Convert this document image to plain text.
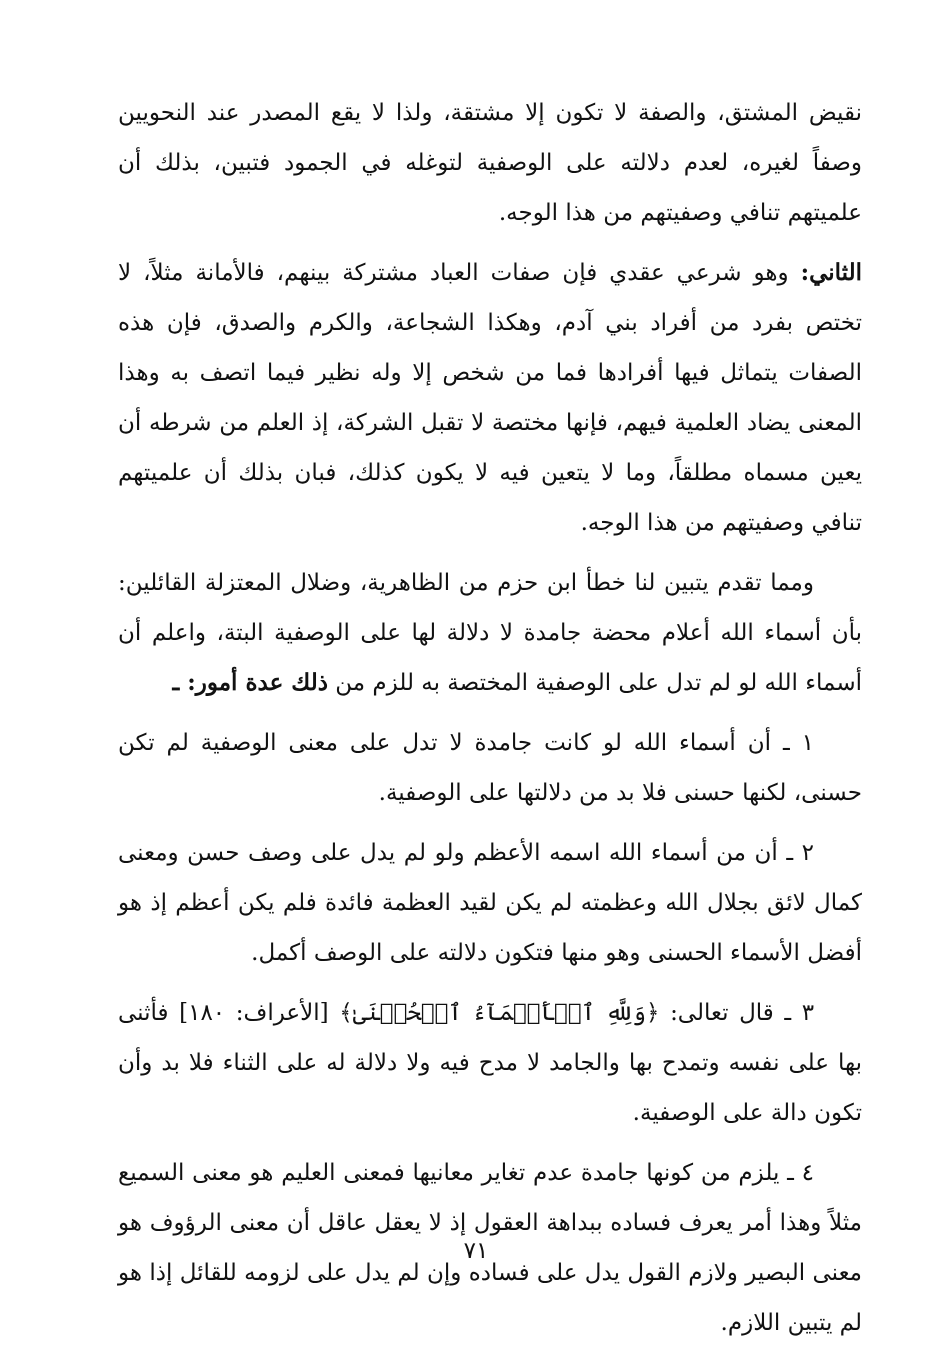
نقيض المشتق، والصفة لا تكون إلا مشتقة، ولذا لا يقع المصدر عند النحويين وصفاً لغيره، لعدم دلالته على الوصفية لتوغله في الجمود فتبين، بذلك أن علميتهم تنافي وصفيتهم من هذا الوجه.

الثاني: وهو شرعي عقدي فإن صفات العباد مشتركة بينهم، فالأمانة مثلاً، لا تختص بفرد من أفراد بني آدم، وهكذا الشجاعة، والكرم والصدق، فإن هذه الصفات يتماثل فيها أفرادها فما من شخص إلا وله نظير فيما اتصف به وهذا المعنى يضاد العلمية فيهم، فإنها مختصة لا تقبل الشركة، إذ العلم من شرطه أن يعين مسماه مطلقاً، وما لا يتعين فيه لا يكون كذلك، فبان بذلك أن علميتهم تنافي وصفيتهم من هذا الوجه.

ومما تقدم يتبين لنا خطأ ابن حزم من الظاهرية، وضلال المعتزلة القائلين: بأن أسماء الله أعلام محضة جامدة لا دلالة لها على الوصفية البتة، واعلم أن أسماء الله لو لم تدل على الوصفية المختصة به للزم من ذلك عدة أمور: ـ

١ ـ أن أسماء الله لو كانت جامدة لا تدل على معنى الوصفية لم تكن حسنى، لكنها حسنى فلا بد من دلالتها على الوصفية.

٢ ـ أن من أسماء الله اسمه الأعظم ولو لم يدل على وصف حسن ومعنى كمال لائق بجلال الله وعظمته لم يكن لقيد العظمة فائدة فلم يكن أعظم إذ هو أفضل الأسماء الحسنى وهو منها فتكون دلالته على الوصف أكمل.

٣ ـ قال تعالى: ﴿وَلِلَّهِ ٱلۡأَسۡمَآءُ ٱلۡحُسۡنَىٰ﴾ [الأعراف: ١٨٠] فأثنى بها على نفسه وتمدح بها والجامد لا مدح فيه ولا دلالة له على الثناء فلا بد وأن تكون دالة على الوصفية.

٤ ـ يلزم من كونها جامدة عدم تغاير معانيها فمعنى العليم هو معنى السميع مثلاً وهذا أمر يعرف فساده ببداهة العقول إذ لا يعقل عاقل أن معنى الرؤوف هو معنى البصير ولازم القول يدل على فساده وإن لم يدل على لزومه للقائل إذا هو لم يتبين اللازم.

٧١
